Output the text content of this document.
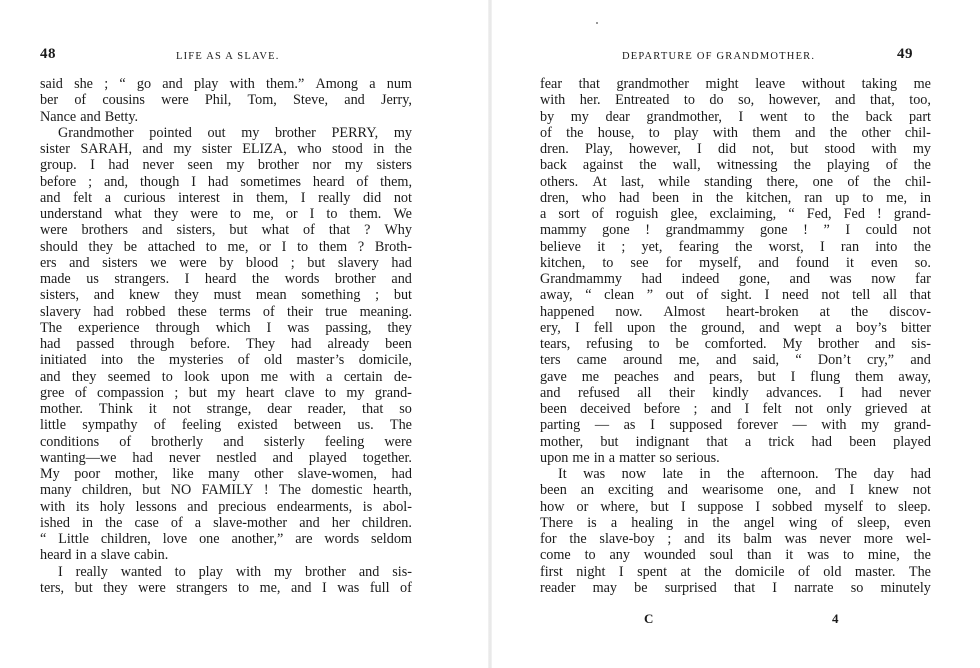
48	LIFE AS A SLAVE.
said she ; “ go and play with them.” Among a num
ber of cousins were Phil, Tom, Steve, and Jerry,
Nance and Betty.
Grandmother pointed out my brother PERRY, my
sister SARAH, and my sister ELIZA, who stood in the
group. I had never seen my brother nor my sisters
before ; and, though I had sometimes heard of them,
and felt a curious interest in them, I really did not
understand what they were to me, or I to them. We
were brothers and sisters, but what of that ? Why
should they be attached to me, or I to them ? Broth-
ers and sisters we were by blood ; but slavery had
made us strangers. I heard the words brother and
sisters, and knew they must mean something ; but
slavery had robbed these terms of their true meaning.
The experience through which I was passing, they
had passed through before. They had already been
initiated into the mysteries of old master’s domicile,
and they seemed to look upon me with a certain de-
gree of compassion ; but my heart clave to my grand-
mother. Think it not strange, dear reader, that so
little sympathy of feeling existed between us. The
conditions of brotherly and sisterly feeling were
wanting—we had never nestled and played together.
My poor mother, like many other slave-women, had
many children, but NO FAMILY ! The domestic hearth,
with its holy lessons and precious endearments, is abol-
ished in the case of a slave-mother and her children.
“ Little children, love one another,” are words seldom
heard in a slave cabin.
I really wanted to play with my brother and sis-
ters, but they were strangers to me, and I was full of
49
DEPARTURE OF GRANDMOTHER.
fear that grandmother might leave without taking me
with her. Entreated to do so, however, and that, too,
by my dear grandmother, I went to the back part
of the house, to play with them and the other chil-
dren. Play, however, I did not, but stood with my
back against the wall, witnessing the playing of the
others. At last, while standing there, one of the chil-
dren, who had been in the kitchen, ran up to me, in
a sort of roguish glee, exclaiming, “ Fed, Fed ! grand-
mammy gone ! grandmammy gone ! ” I could not
believe it ; yet, fearing the worst, I ran into the
kitchen, to see for myself, and found it even so.
Grandmammy had indeed gone, and was now far
away, “ clean ” out of sight. I need not tell all that
happened now. Almost heart-broken at the discov-
ery, I fell upon the ground, and wept a boy’s bitter
tears, refusing to be comforted. My brother and sis-
ters came around me, and said, “ Don’t cry,” and
gave me peaches and pears, but I flung them away,
and refused all their kindly advances. I had never
been deceived before ; and I felt not only grieved at
parting — as I supposed forever — with my grand-
mother, but indignant that a trick had been played
upon me in a matter so serious.
It was now late in the afternoon. The day had
been an exciting and wearisome one, and I knew not
how or where, but I suppose I sobbed myself to sleep.
There is a healing in the angel wing of sleep, even
for the slave-boy ; and its balm was never more wel-
come to any wounded soul than it was to mine, the
first night I spent at the domicile of old master. The
reader may be surprised that I narrate so minutely
C	4
